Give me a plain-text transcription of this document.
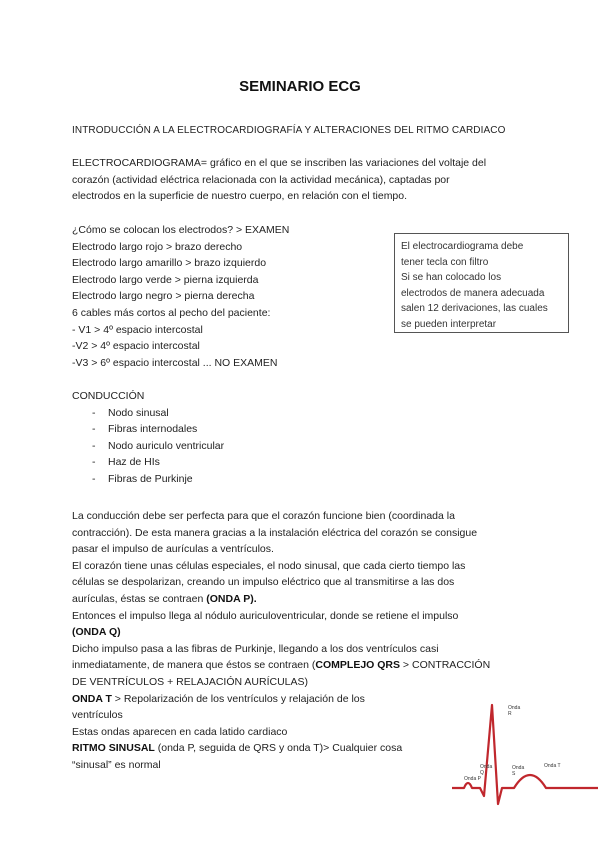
SEMINARIO ECG
INTRODUCCIÓN A LA ELECTROCARDIOGRAFÍA Y ALTERACIONES DEL RITMO CARDIACO
ELECTROCARDIOGRAMA= gráfico en el que se inscriben las variaciones del voltaje del
corazón (actividad eléctrica relacionada con la actividad mecánica), captadas por
electrodos en la superficie de nuestro cuerpo, en relación con el tiempo.
¿Cómo se colocan los electrodos? > EXAMEN
Electrodo largo rojo > brazo derecho
Electrodo largo amarillo > brazo izquierdo
Electrodo largo verde > pierna izquierda
Electrodo largo negro > pierna derecha
6 cables más cortos al pecho del paciente:
- V1 > 4º espacio intercostal
-V2 > 4º espacio intercostal
-V3 > 6º espacio intercostal ... NO EXAMEN
El electrocardiograma debe
tener tecla con filtro
Si se han colocado los
electrodos de manera adecuada
salen 12 derivaciones, las cuales
se pueden interpretar
CONDUCCIÓN
- Nodo sinusal
- Fibras internodales
- Nodo auriculo ventricular
- Haz de HIs
- Fibras de Purkinje
La conducción debe ser perfecta para que el corazón funcione bien (coordinada la
contracción). De esta manera gracias a la instalación eléctrica del corazón se consigue
pasar el impulso de aurículas a ventrículos.
El corazón tiene unas células especiales, el nodo sinusal, que cada cierto tiempo las
células se despolarizan, creando un impulso eléctrico que al transmitirse a las dos
aurículas, éstas se contraen (ONDA P).
Entonces el impulso llega al nódulo auriculoventricular, donde se retiene el impulso
(ONDA Q)
Dicho impulso pasa a las fibras de Purkinje, llegando a los dos ventrículos casi
inmediatamente, de manera que éstos se contraen (COMPLEJO QRS > CONTRACCIÓN
DE VENTRÍCULOS + RELAJACIÓN AURÍCULAS)
ONDA T > Repolarización de los ventrículos y relajación de los
ventrículos
Estas ondas aparecen en cada latido cardiaco
RITMO SINUSAL (onda P, seguida de QRS y onda T)> Cualquier cosa
“sinusal” es normal
Onda
R
Onda
Q
Onda
S
Onda P
Onda T
